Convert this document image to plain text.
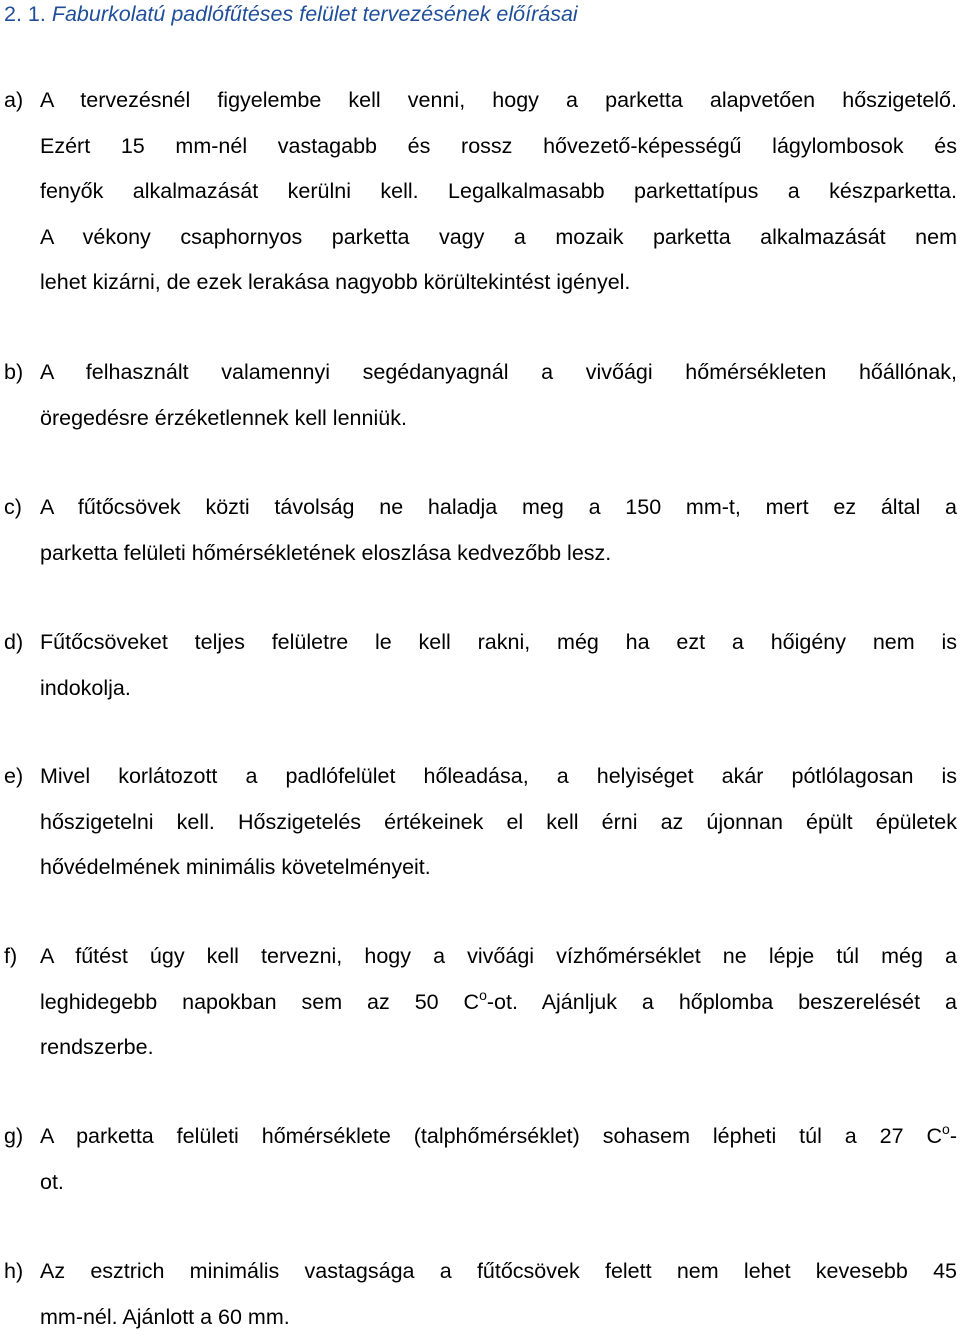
2. 1. Faburkolatú padlófűtéses felület tervezésének előírásai
a) A tervezésnél figyelembe kell venni, hogy a parketta alapvetően hőszigetelő.
Ezért 15 mm-nél vastagabb és rossz hővezető-képességű lágylombosok és
fenyők alkalmazását kerülni kell. Legalkalmasabb parkettatípus a készparketta.
A vékony csaphornyos parketta vagy a mozaik parketta alkalmazását nem
lehet kizárni, de ezek lerakása nagyobb körültekintést igényel.
b) A felhasznált valamennyi segédanyagnál a vivőági hőmérsékleten hőállónak,
öregedésre érzéketlennek kell lenniük.
c) A fűtőcsövek közti távolság ne haladja meg a 150 mm-t, mert ez által a
parketta felületi hőmérsékletének eloszlása kedvezőbb lesz.
d) Fűtőcsöveket teljes felületre le kell rakni, még ha ezt a hőigény nem is
indokolja.
e) Mivel korlátozott a padlófelület hőleadása, a helyiséget akár pótlólagosan is
hőszigetelni kell. Hőszigetelés értékeinek el kell érni az újonnan épült épületek
hővédelmének minimális követelményeit.
f) A fűtést úgy kell tervezni, hogy a vivőági vízhőmérséklet ne lépje túl még a
leghidegebb napokban sem az 50 $C^o-ot$. Ajánljuk a hőplomba beszerelését a
rendszerbe.
g) A parketta felületi hőmérséklete (talphőmérséklet) sohasem lépheti túl a 27 $C^o-$
ot.
h) Az esztrich minimális vastagsága a fűtőcsövek felett nem lehet kevesebb 45
mm-nél. Ajánlott a 60 mm.
